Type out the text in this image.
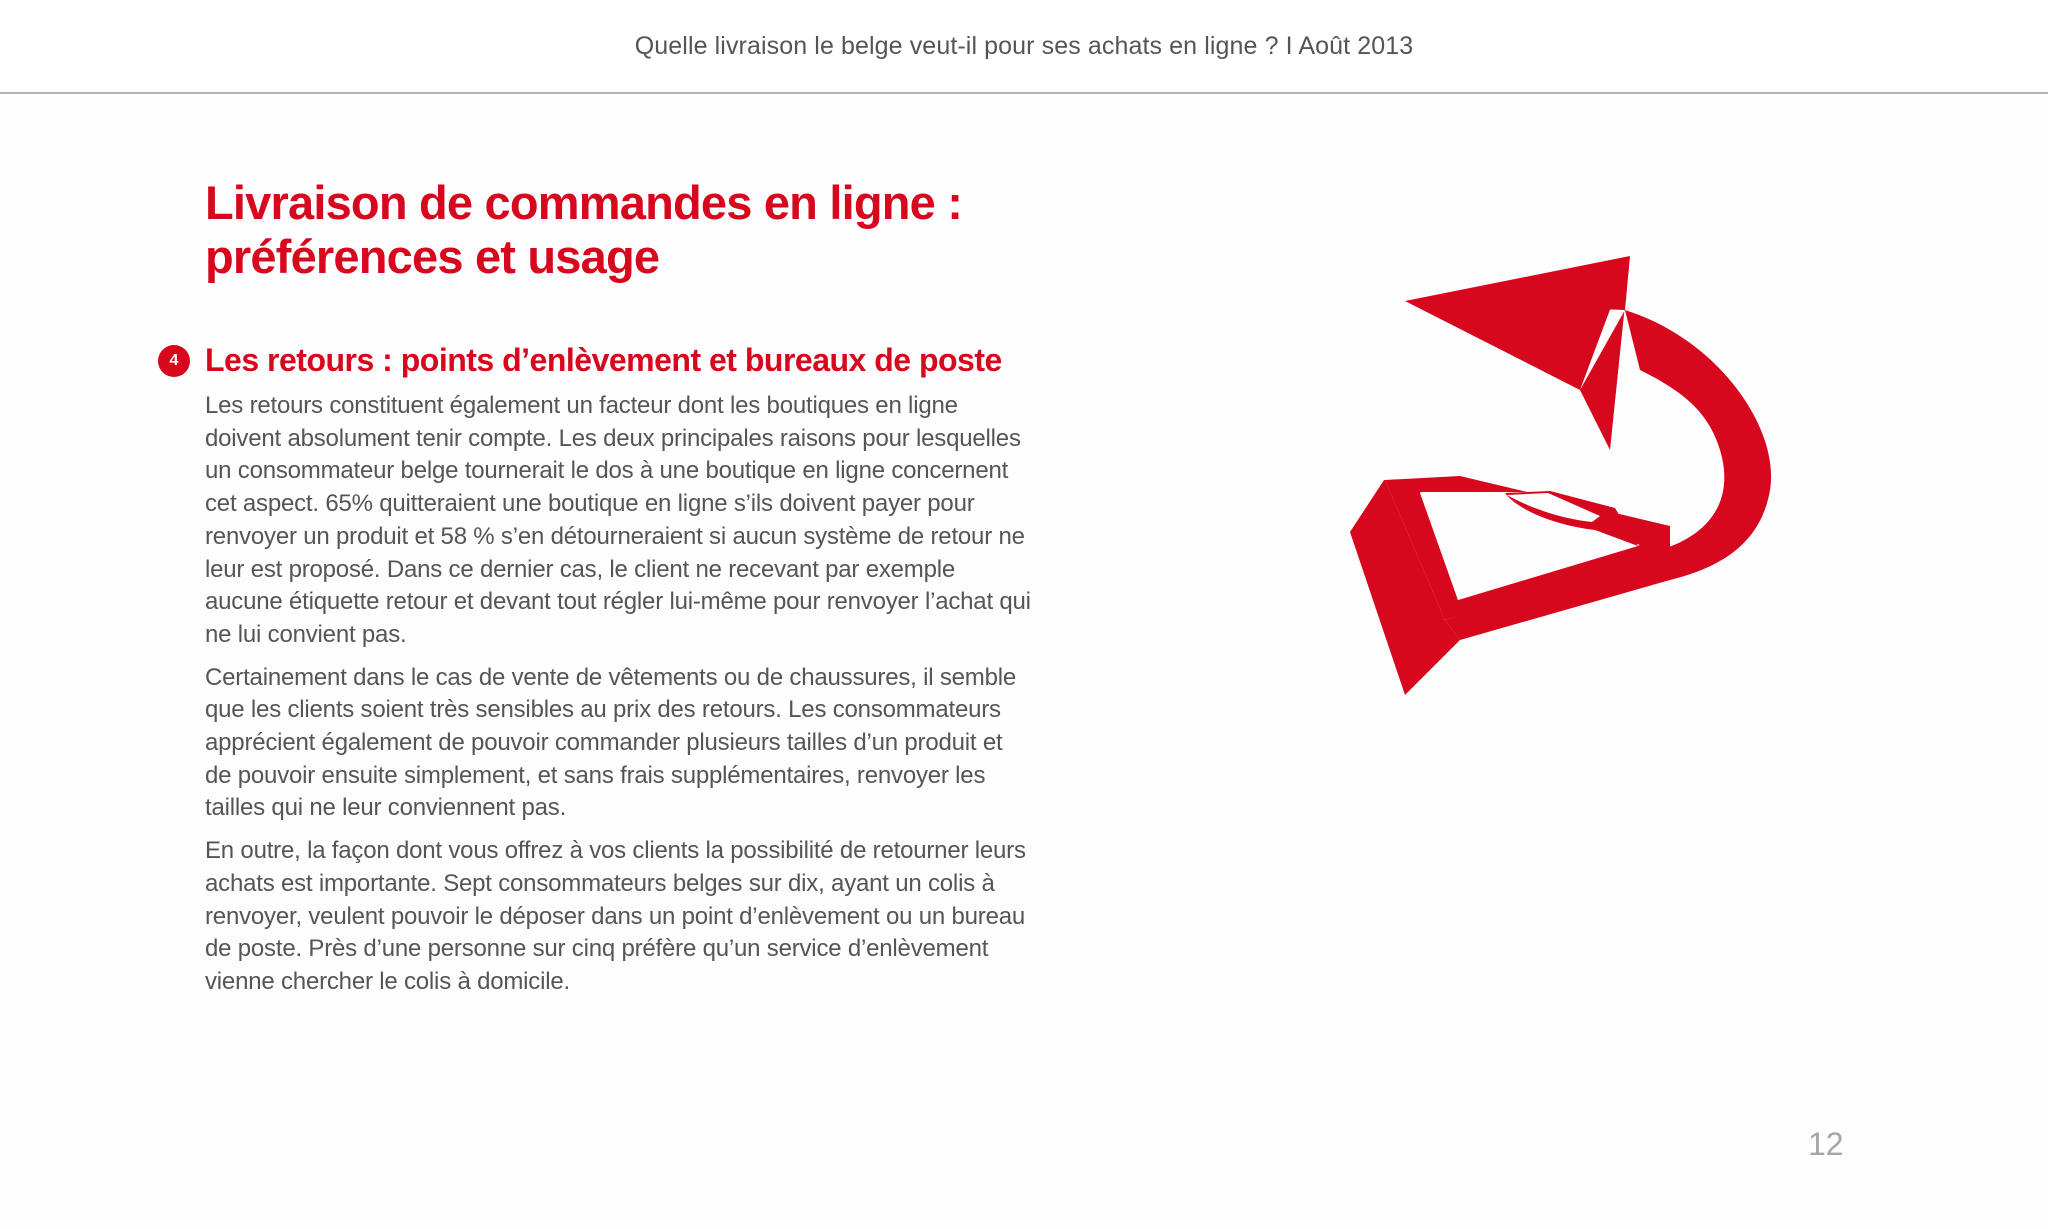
Quelle livraison le belge veut-il pour ses achats en ligne ? I Août 2013
Livraison de commandes en ligne :
préférences et usage
4 Les retours : points d’enlèvement et bureaux de poste

Les retours constituent également un facteur dont les boutiques en ligne doivent absolument tenir compte. Les deux principales raisons pour lesquelles un consommateur belge tournerait le dos à une boutique en ligne concernent cet aspect. 65% quitteraient une boutique en ligne s’ils doivent payer pour renvoyer un produit et 58 % s’en détourneraient si aucun système de retour ne leur est proposé. Dans ce dernier cas, le client ne recevant par exemple aucune étiquette retour et devant tout régler lui-même pour renvoyer l’achat qui ne lui convient pas.

Certainement dans le cas de vente de vêtements ou de chaussures, il semble que les clients soient très sensibles au prix des retours. Les consommateurs apprécient également de pouvoir commander plusieurs tailles d’un produit et de pouvoir ensuite simplement, et sans frais supplémentaires, renvoyer les tailles qui ne leur conviennent pas.

En outre, la façon dont vous offrez à vos clients la possibilité de retourner leurs achats est importante. Sept consommateurs belges sur dix, ayant un colis à renvoyer, veulent pouvoir le déposer dans un point d’enlèvement ou un bureau de poste. Près d’une personne sur cinq préfère qu’un service d’enlèvement vienne chercher le colis à domicile.

12
